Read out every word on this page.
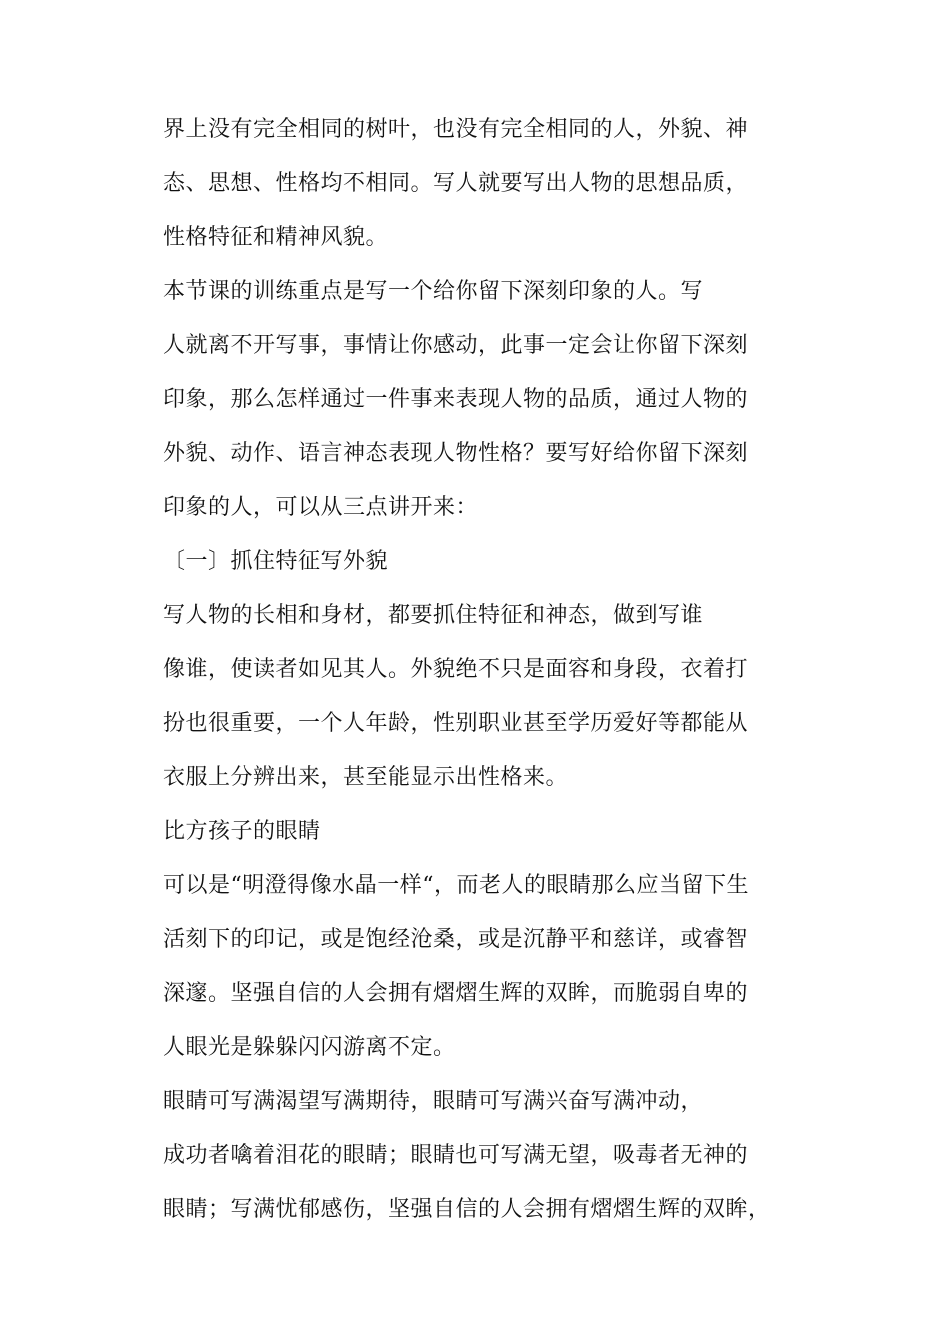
界上没有完全相同的树叶，也没有完全相同的人，外貌、神
态、思想、性格均不相同。写人就要写出人物的思想品质，
性格特征和精神风貌。
本节课的训练重点是写一个给你留下深刻印象的人。写
人就离不开写事，事情让你感动，此事一定会让你留下深刻
印象，那么怎样通过一件事来表现人物的品质，通过人物的
外貌、动作、语言神态表现人物性格？要写好给你留下深刻
印象的人，可以从三点讲开来：
〔一〕抓住特征写外貌
写人物的长相和身材，都要抓住特征和神态，做到写谁
像谁，使读者如见其人。外貌绝不只是面容和身段，衣着打
扮也很重要，一个人年龄，性别职业甚至学历爱好等都能从
衣服上分辨出来，甚至能显示出性格来。
比方孩子的眼睛
可以是“明澄得像水晶一样“，而老人的眼睛那么应当留下生
活刻下的印记，或是饱经沧桑，或是沉静平和慈详，或睿智
深邃。坚强自信的人会拥有熠熠生辉的双眸，而脆弱自卑的
人眼光是躲躲闪闪游离不定。
眼睛可写满渴望写满期待，眼睛可写满兴奋写满冲动，
成功者噙着泪花的眼睛；眼睛也可写满无望，吸毒者无神的
眼睛；写满忧郁感伤，坚强自信的人会拥有熠熠生辉的双眸，
